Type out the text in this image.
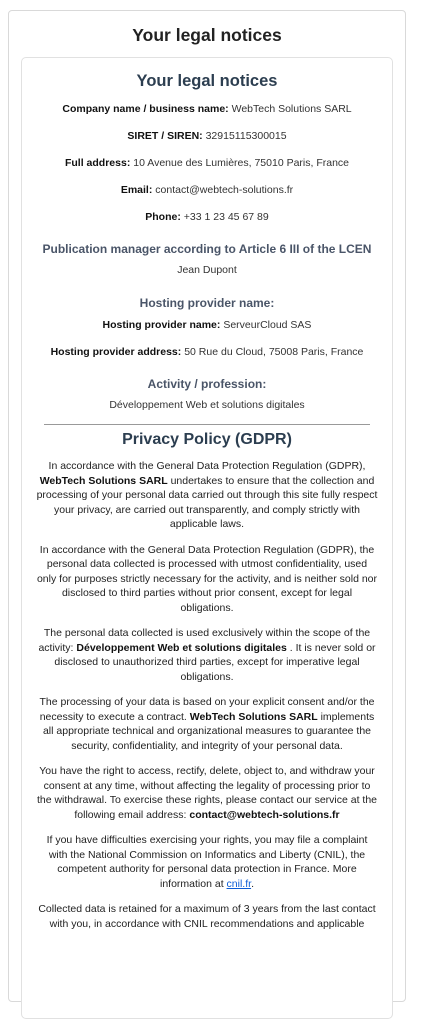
Your legal notices
Your legal notices

Company name / business name: WebTech Solutions SARL

SIRET / SIREN: 32915115300015

Full address: 10 Avenue des Lumières, 75010 Paris, France

Email: contact@webtech-solutions.fr

Phone: +33 1 23 45 67 89

Publication manager according to Article 6 III of the LCEN

Jean Dupont

Hosting provider name:

Hosting provider name: ServeurCloud SAS

Hosting provider address: 50 Rue du Cloud, 75008 Paris, France

Activity / profession:

Développement Web et solutions digitales

Privacy Policy (GDPR)

In accordance with the General Data Protection Regulation (GDPR), WebTech Solutions SARL undertakes to ensure that the collection and processing of your personal data carried out through this site fully respect your privacy, are carried out transparently, and comply strictly with applicable laws.

In accordance with the General Data Protection Regulation (GDPR), the personal data collected is processed with utmost confidentiality, used only for purposes strictly necessary for the activity, and is neither sold nor disclosed to third parties without prior consent, except for legal obligations.

The personal data collected is used exclusively within the scope of the activity: Développement Web et solutions digitales . It is never sold or disclosed to unauthorized third parties, except for imperative legal obligations.

The processing of your data is based on your explicit consent and/or the necessity to execute a contract. WebTech Solutions SARL implements all appropriate technical and organizational measures to guarantee the security, confidentiality, and integrity of your personal data.

You have the right to access, rectify, delete, object to, and withdraw your consent at any time, without affecting the legality of processing prior to the withdrawal. To exercise these rights, please contact our service at the following email address: contact@webtech-solutions.fr

If you have difficulties exercising your rights, you may file a complaint with the National Commission on Informatics and Liberty (CNIL), the competent authority for personal data protection in France. More information at cnil.fr.

Collected data is retained for a maximum of 3 years from the last contact with you, in accordance with CNIL recommendations and applicable
